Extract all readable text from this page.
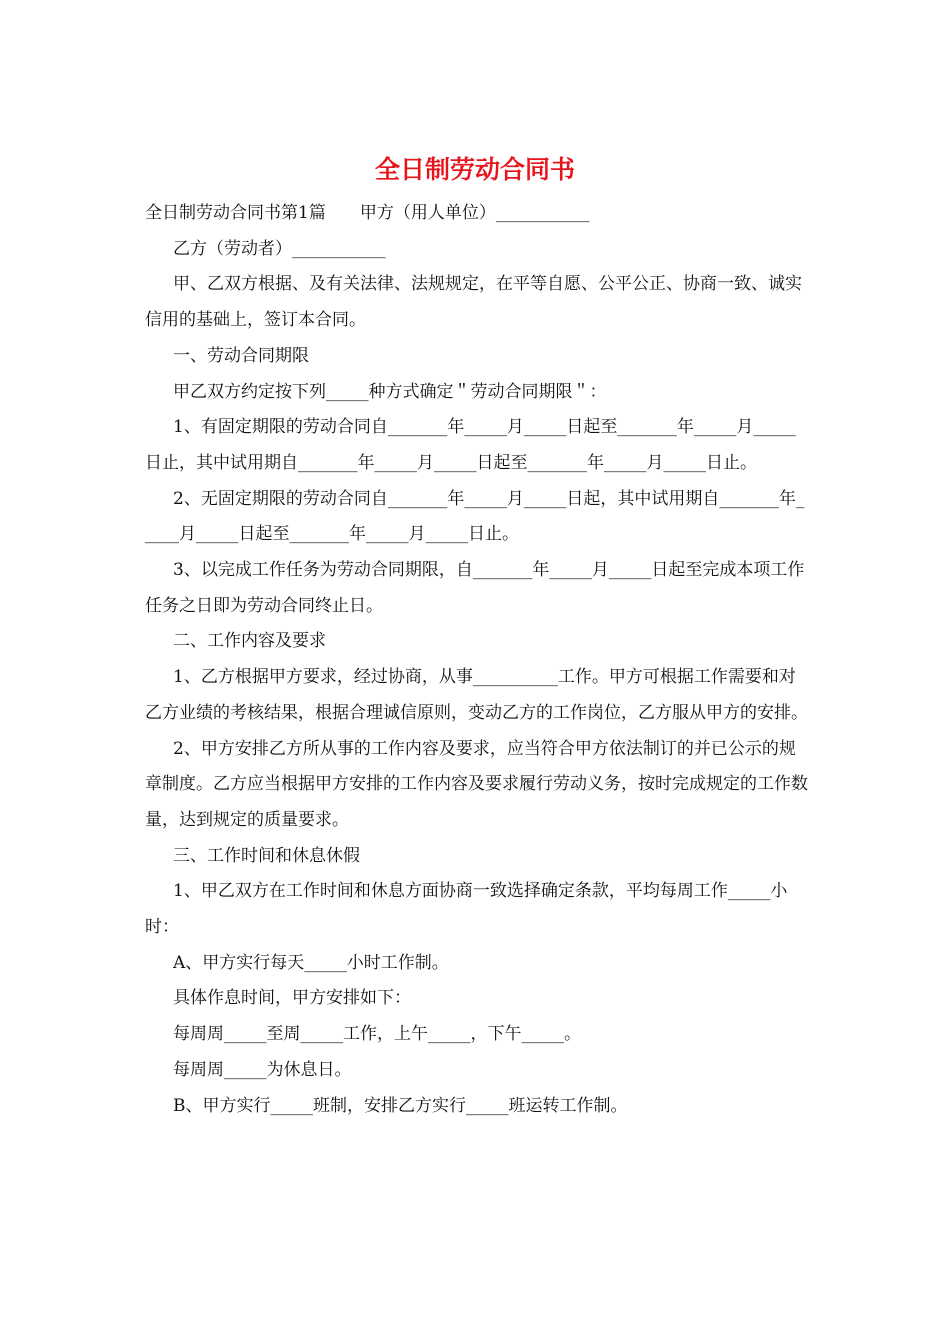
全日制劳动合同书

全日制劳动合同书第1篇　　甲方（用人单位）___________

乙方（劳动者）___________

甲、乙双方根据、及有关法律、法规规定，在平等自愿、公平公正、协商一致、诚实信用的基础上，签订本合同。

一、劳动合同期限

甲乙双方约定按下列_____种方式确定＂劳动合同期限＂：

1、有固定期限的劳动合同自_______年_____月_____日起至_______年_____月_____日止，其中试用期自_______年_____月_____日起至_______年_____月_____日止。

2、无固定期限的劳动合同自_______年_____月_____日起，其中试用期自_______年_____月_____日起至_______年_____月_____日止。

3、以完成工作任务为劳动合同期限，自_______年_____月_____日起至完成本项工作任务之日即为劳动合同终止日。

二、工作内容及要求

1、乙方根据甲方要求，经过协商，从事__________工作。甲方可根据工作需要和对乙方业绩的考核结果，根据合理诚信原则，变动乙方的工作岗位，乙方服从甲方的安排。

2、甲方安排乙方所从事的工作内容及要求，应当符合甲方依法制订的并已公示的规章制度。乙方应当根据甲方安排的工作内容及要求履行劳动义务，按时完成规定的工作数量，达到规定的质量要求。

三、工作时间和休息休假

1、甲乙双方在工作时间和休息方面协商一致选择确定条款，平均每周工作_____小时：

A、甲方实行每天_____小时工作制。

具体作息时间，甲方安排如下：

每周周_____至周_____工作，上午_____，下午_____。

每周周_____为休息日。

B、甲方实行_____班制，安排乙方实行_____班运转工作制。
